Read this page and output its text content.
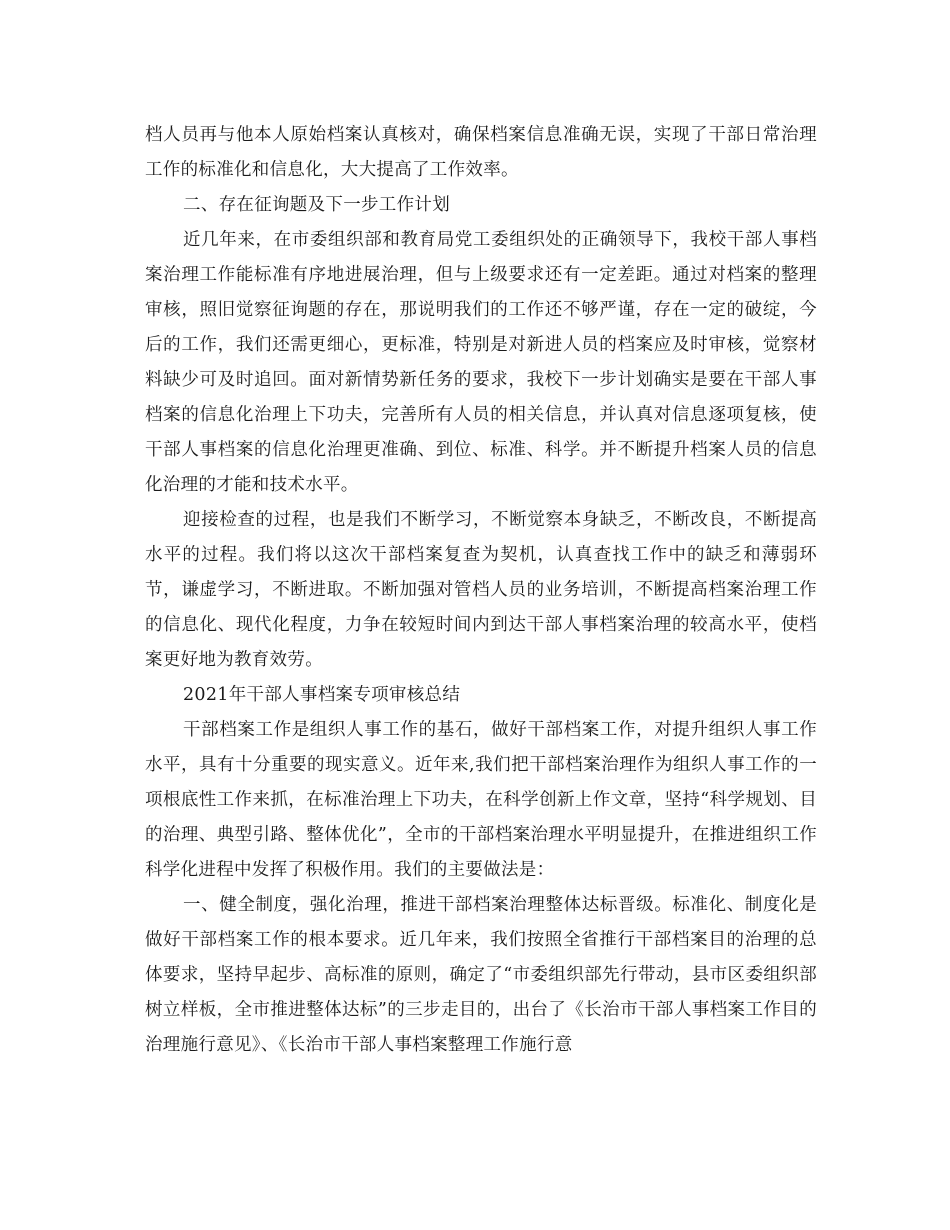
档人员再与他本人原始档案认真核对，确保档案信息准确无误，实现了干部日常治理工作的标准化和信息化，大大提高了工作效率。

二、存在征询题及下一步工作计划

近几年来，在市委组织部和教育局党工委组织处的正确领导下，我校干部人事档案治理工作能标准有序地进展治理，但与上级要求还有一定差距。通过对档案的整理审核，照旧觉察征询题的存在，那说明我们的工作还不够严谨，存在一定的破绽，今后的工作，我们还需更细心，更标准，特别是对新进人员的档案应及时审核，觉察材料缺少可及时追回。面对新情势新任务的要求，我校下一步计划确实是要在干部人事档案的信息化治理上下功夫，完善所有人员的相关信息，并认真对信息逐项复核，使干部人事档案的信息化治理更准确、到位、标准、科学。并不断提升档案人员的信息化治理的才能和技术水平。

迎接检查的过程，也是我们不断学习，不断觉察本身缺乏，不断改良，不断提高水平的过程。我们将以这次干部档案复查为契机，认真查找工作中的缺乏和薄弱环节，谦虚学习，不断进取。不断加强对管档人员的业务培训，不断提高档案治理工作的信息化、现代化程度，力争在较短时间内到达干部人事档案治理的较高水平，使档案更好地为教育效劳。

2021年干部人事档案专项审核总结

干部档案工作是组织人事工作的基石，做好干部档案工作，对提升组织人事工作水平，具有十分重要的现实意义。近年来,我们把干部档案治理作为组织人事工作的一项根底性工作来抓，在标准治理上下功夫，在科学创新上作文章，坚持“科学规划、目的治理、典型引路、整体优化”，全市的干部档案治理水平明显提升，在推进组织工作科学化进程中发挥了积极作用。我们的主要做法是：

一、健全制度，强化治理，推进干部档案治理整体达标晋级。标准化、制度化是做好干部档案工作的根本要求。近几年来，我们按照全省推行干部档案目的治理的总体要求，坚持早起步、高标准的原则，确定了“市委组织部先行带动，县市区委组织部树立样板，全市推进整体达标”的三步走目的，出台了《长治市干部人事档案工作目的治理施行意见》、《长治市干部人事档案整理工作施行意
